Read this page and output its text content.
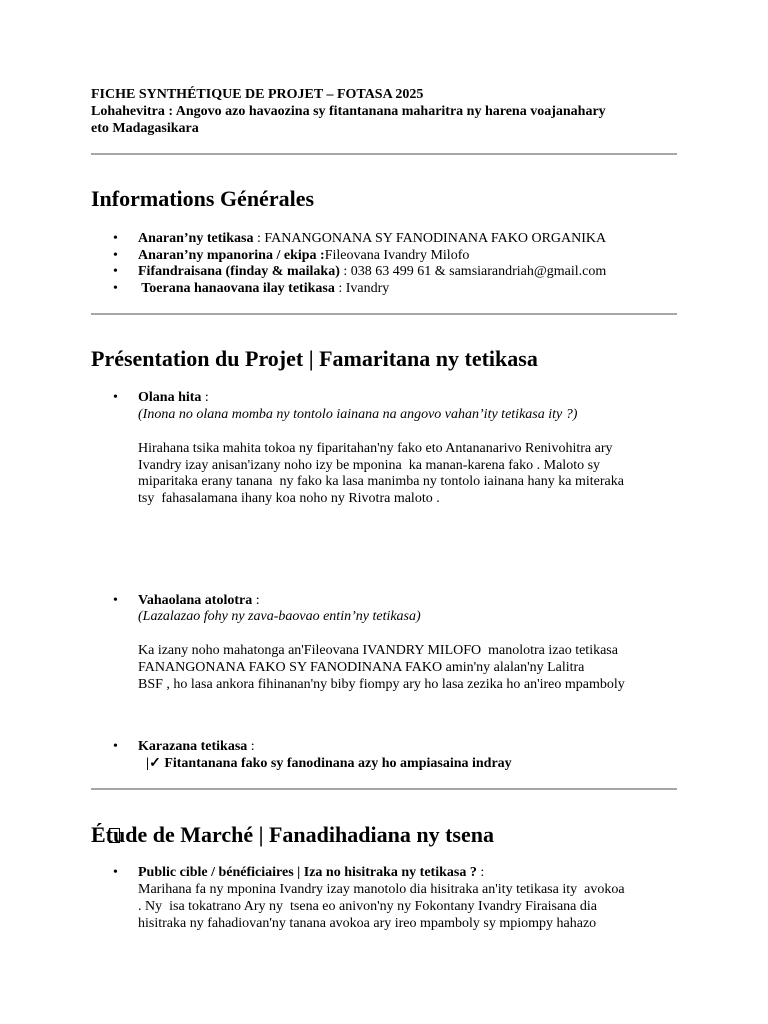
FICHE SYNTHÉTIQUE DE PROJET – FOTASA 2025
Lohahevitra : Angovo azo havaozina sy fitantanana maharitra ny harena voajanahary
eto Madagasikara
Informations Générales
• Anaran’ny tetikasa : FANANGONANA SY FANODINANA FAKO ORGANIKA
• Anaran’ny mpanorina / ekipa :Fileovana Ivandry Milofo
• Fifandraisana (finday & mailaka) : 038 63 499 61 & samsiarandriah@gmail.com
• Toerana hanaovana ilay tetikasa : Ivandry
Présentation du Projet | Famaritana ny tetikasa
• Olana hita :
(Inona no olana momba ny tontolo iainana na angovo vahan’ity tetikasa ity ?)
Hirahana tsika mahita tokoa ny fiparitahan'ny fako eto Antananarivo Renivohitra ary
Ivandry izay anisan'izany noho izy be mponina  ka manan-karena fako . Maloto sy
miparitaka erany tanana  ny fako ka lasa manimba ny tontolo iainana hany ka miteraka
tsy  fahasalamana ihany koa noho ny Rivotra maloto .
• Vahaolana atolotra :
(Lazalazao fohy ny zava-baovao entin’ny tetikasa)
Ka izany noho mahatonga an'Fileovana IVANDRY MILOFO  manolotra izao tetikasa
FANANGONANA FAKO SY FANODINANA FAKO amin'ny alalan'ny Lalitra
BSF , ho lasa ankora fihinanan'ny biby fiompy ary ho lasa zezika ho an'ireo mpamboly
• Karazana tetikasa :
|✓ Fitantanana fako sy fanodinana azy ho ampiasaina indray
Étu
de de Marché | Fanadihadiana ny tsena
• Public cible / bénéficiaires | Iza no hisitraka ny tetikasa ? :
Marihana fa ny mponina Ivandry izay manotolo dia hisitraka an'ity tetikasa ity  avokoa
. Ny  isa tokatrano Ary ny  tsena eo anivon'ny ny Fokontany Ivandry Firaisana dia
hisitraka ny fahadiovan'ny tanana avokoa ary ireo mpamboly sy mpiompy hahazo
